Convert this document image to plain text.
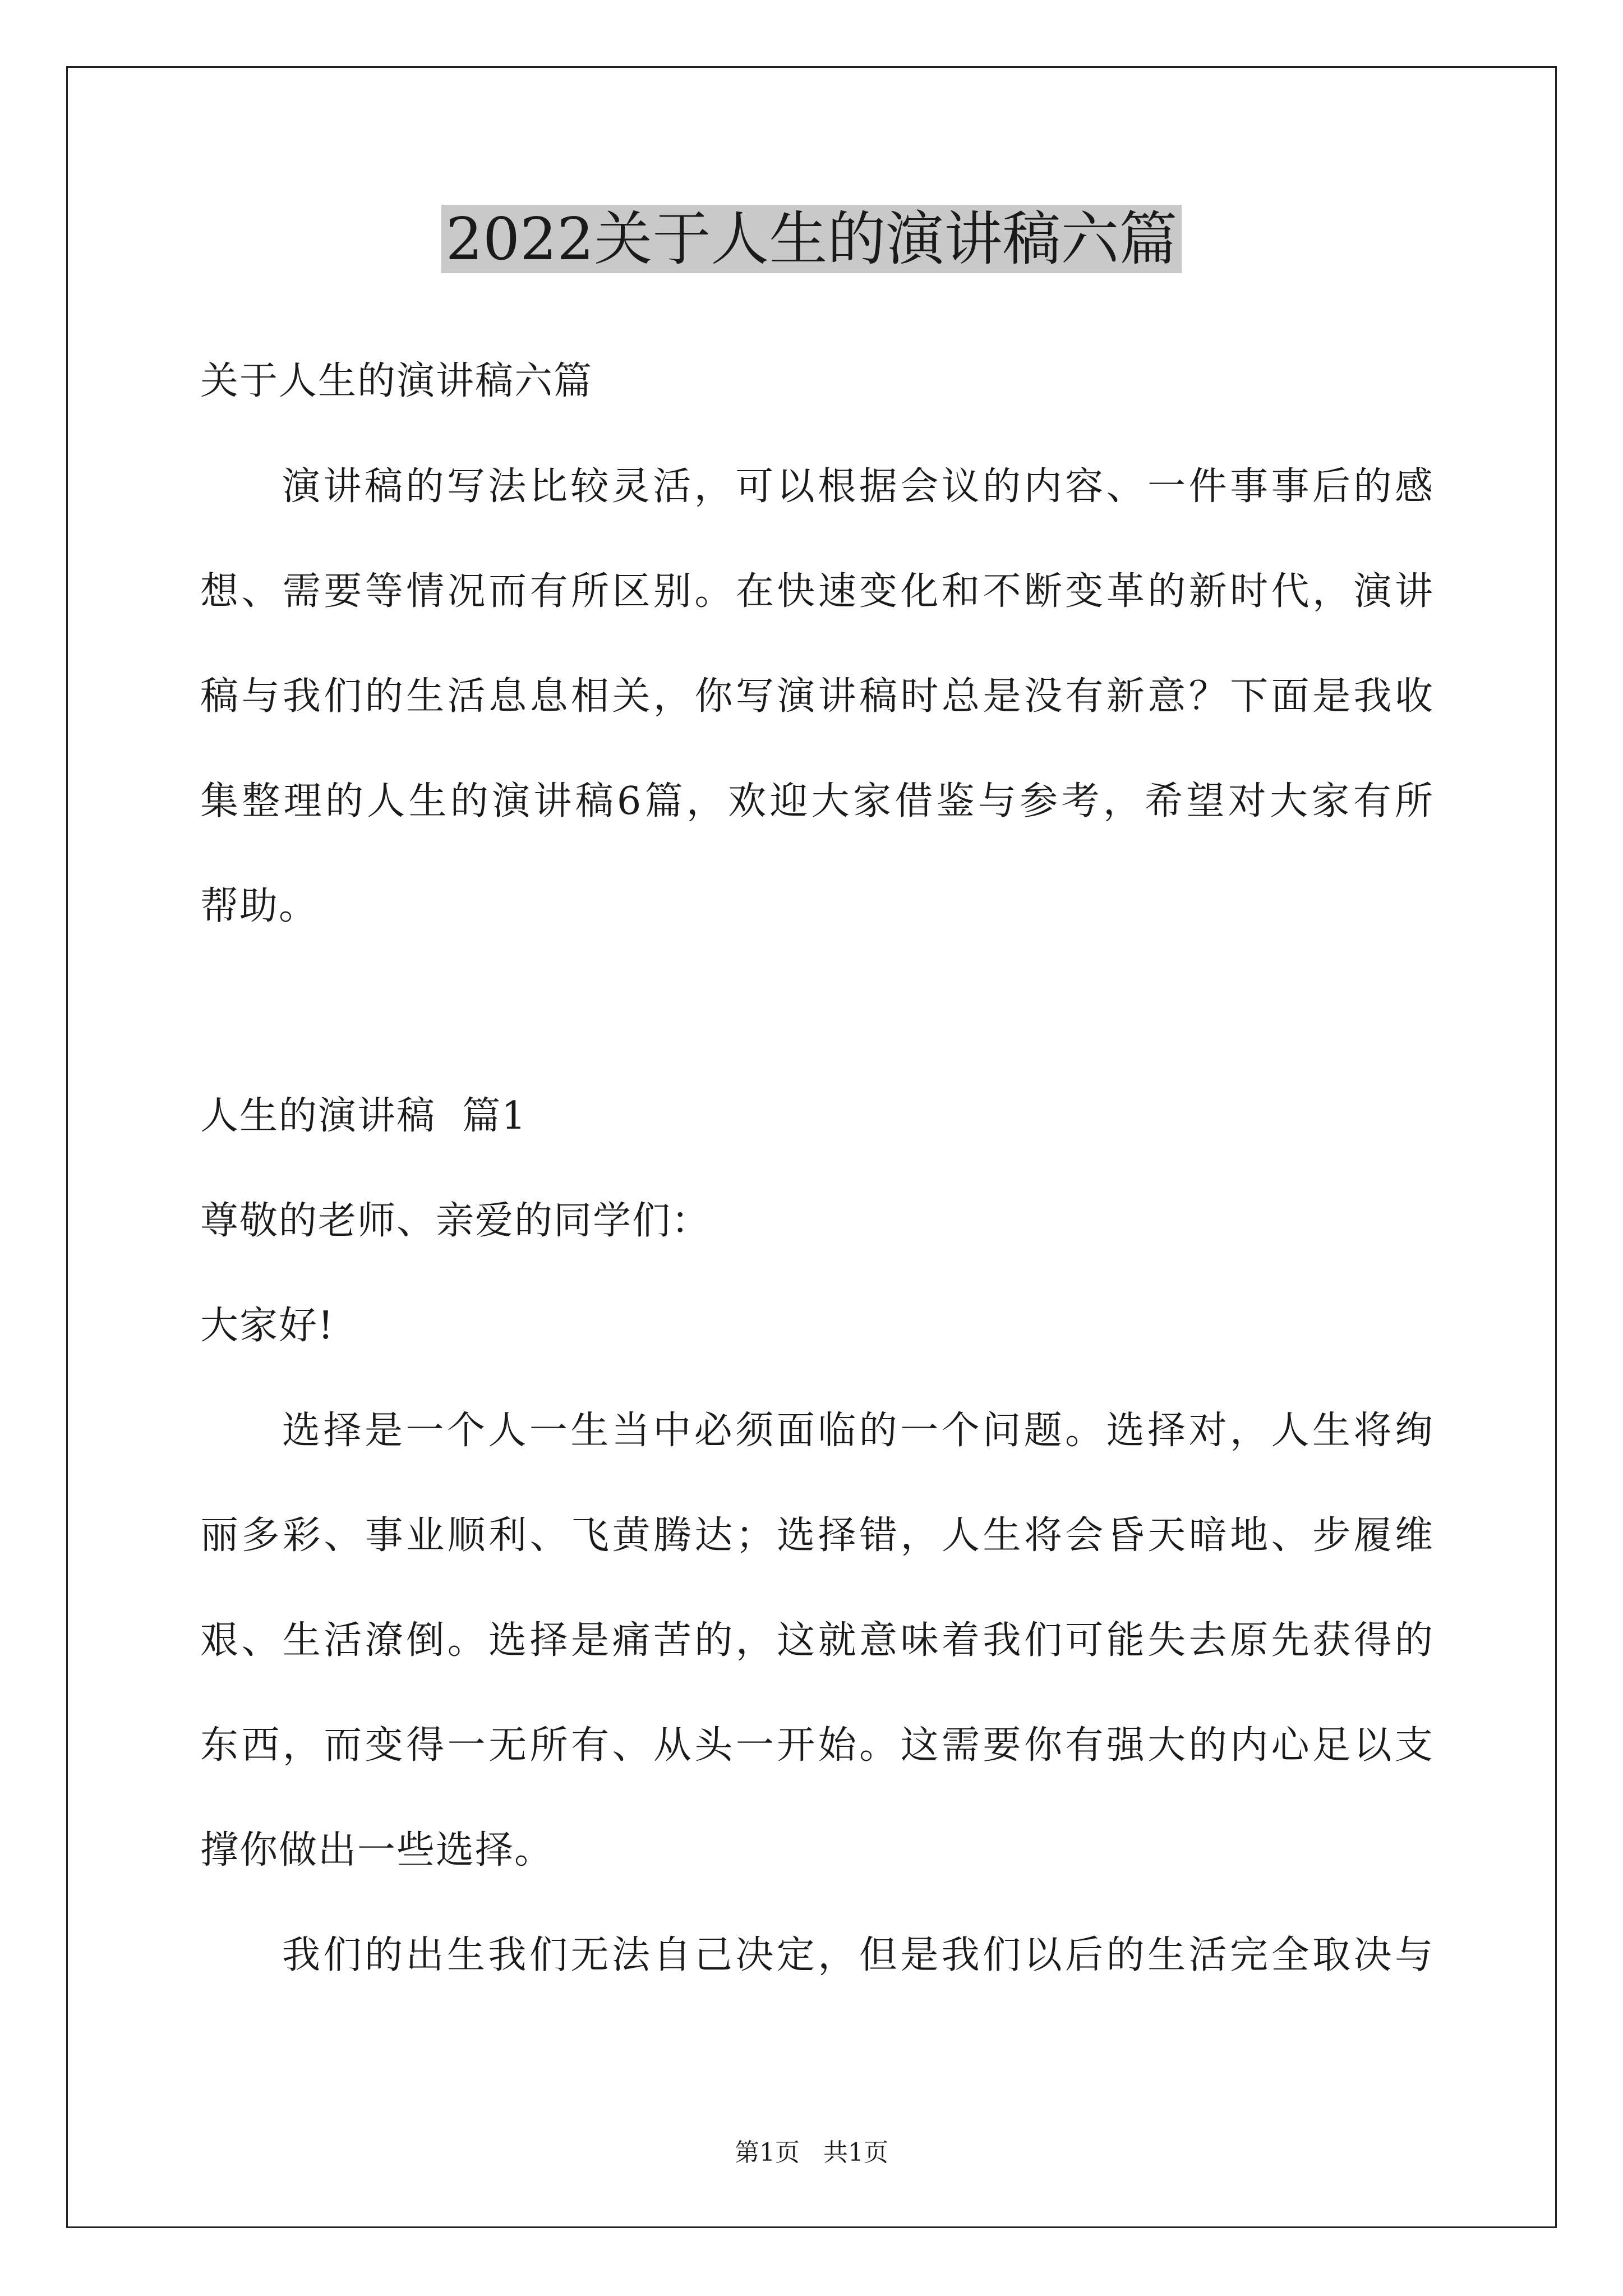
2022关于人生的演讲稿六篇
关于人生的演讲稿六篇
演讲稿的写法比较灵活，可以根据会议的内容、一件事事后的感
想、需要等情况而有所区别。在快速变化和不断变革的新时代，演讲
稿与我们的生活息息相关，你写演讲稿时总是没有新意？下面是我收
集整理的人生的演讲稿6篇，欢迎大家借鉴与参考，希望对大家有所
帮助。
人生的演讲稿  篇1
尊敬的老师、亲爱的同学们：
大家好!
选择是一个人一生当中必须面临的一个问题。选择对，人生将绚
丽多彩、事业顺利、飞黄腾达；选择错，人生将会昏天暗地、步履维
艰、生活潦倒。选择是痛苦的，这就意味着我们可能失去原先获得的
东西，而变得一无所有、从头一开始。这需要你有强大的内心足以支
撑你做出一些选择。
我们的出生我们无法自己决定，但是我们以后的生活完全取决与
第1页 共1页
